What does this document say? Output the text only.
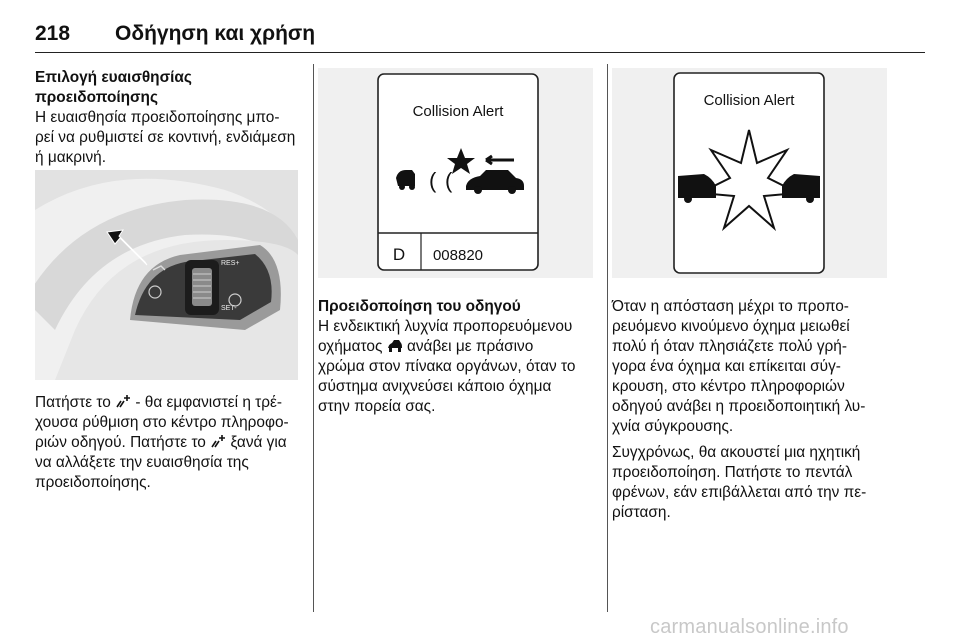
218 Οδήγηση και χρήση
Επιλογή ευαισθησίας
προειδοποίησης
Η ευαισθησία προειδοποίησης μπο-
ρεί να ρυθμιστεί σε κοντινή, ενδιάμεση
ή μακρινή.
RES+
SET-
Πατήστε το - θα εμφανιστεί η τρέ-
χουσα ρύθμιση στο κέντρο πληροφο-
ριών οδηγού. Πατήστε το ξανά για
να αλλάξετε την ευαισθησία της
προειδοποίησης.
Collision Alert
D 008820
( (
Προειδοποίηση του οδηγού
Η ενδεικτική λυχνία προπορευόμενου
οχήματος ανάβει με πράσινο
χρώμα στον πίνακα οργάνων, όταν το
σύστημα ανιχνεύσει κάποιο όχημα
στην πορεία σας.
Collision Alert

Όταν η απόσταση μέχρι το προπο-
ρευόμενο κινούμενο όχημα μειωθεί
πολύ ή όταν πλησιάζετε πολύ γρή-
γορα ένα όχημα και επίκειται σύγ-
κρουση, στο κέντρο πληροφοριών
οδηγού ανάβει η προειδοποιητική λυ-
χνία σύγκρουσης.

Συγχρόνως, θα ακουστεί μια ηχητική
προειδοποίηση. Πατήστε το πεντάλ
φρένων, εάν επιβάλλεται από την πε-
ρίσταση.

carmanualsonline.info
